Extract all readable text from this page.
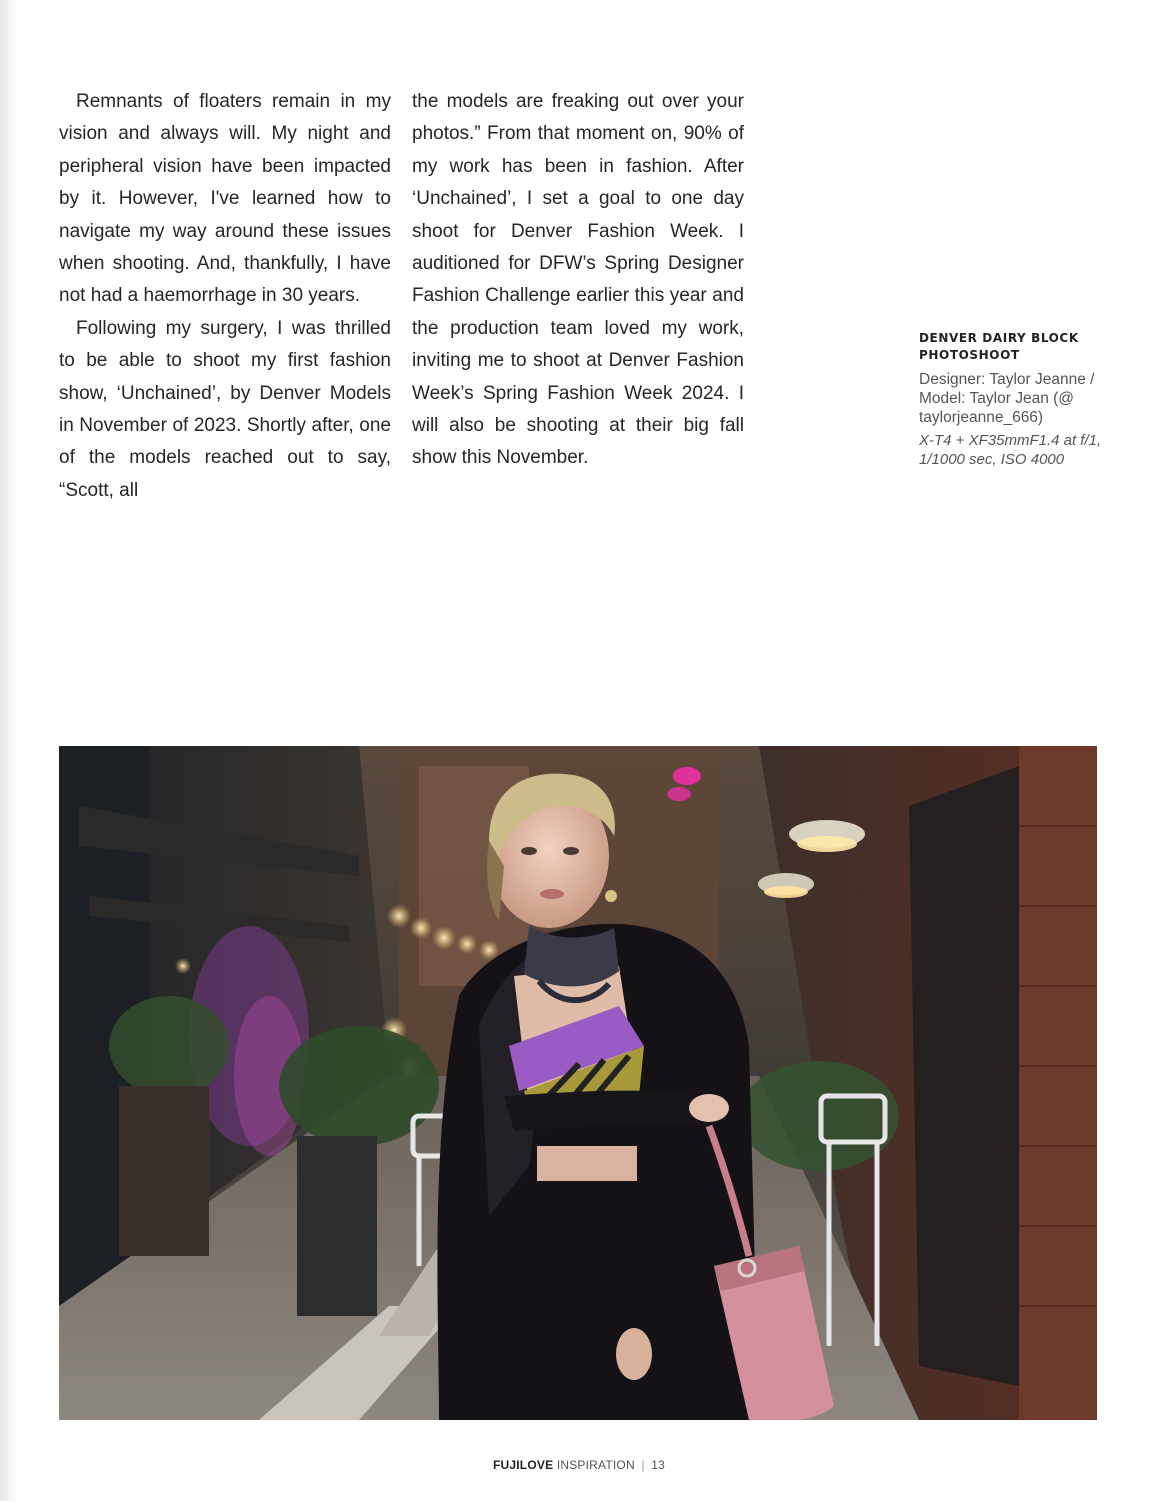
Remnants of floaters remain in my vision and always will. My night and peripheral vision have been impacted by it. However, I've learned how to navigate my way around these issues when shooting. And, thankfully, I have not had a haemorrhage in 30 years.

Following my surgery, I was thrilled to be able to shoot my first fashion show, ‘Unchained’, by Denver Models in November of 2023. Shortly after, one of the models reached out to say, “Scott, all

the models are freaking out over your photos.” From that moment on, 90% of my work has been in fashion. After ‘Unchained’, I set a goal to one day shoot for Denver Fashion Week. I auditioned for DFW’s Spring Designer Fashion Challenge earlier this year and the production team loved my work, inviting me to shoot at Denver Fashion Week’s Spring Fashion Week 2024. I will also be shooting at their big fall show this November.

DENVER DAIRY BLOCK PHOTOSHOOT

Designer: Taylor Jeanne / Model: Taylor Jean (@ taylorjeanne_666)

X-T4 + XF35mmF1.4 at f/1, 1/1000 sec, ISO 4000

FUJILOVE INSPIRATION | 13
